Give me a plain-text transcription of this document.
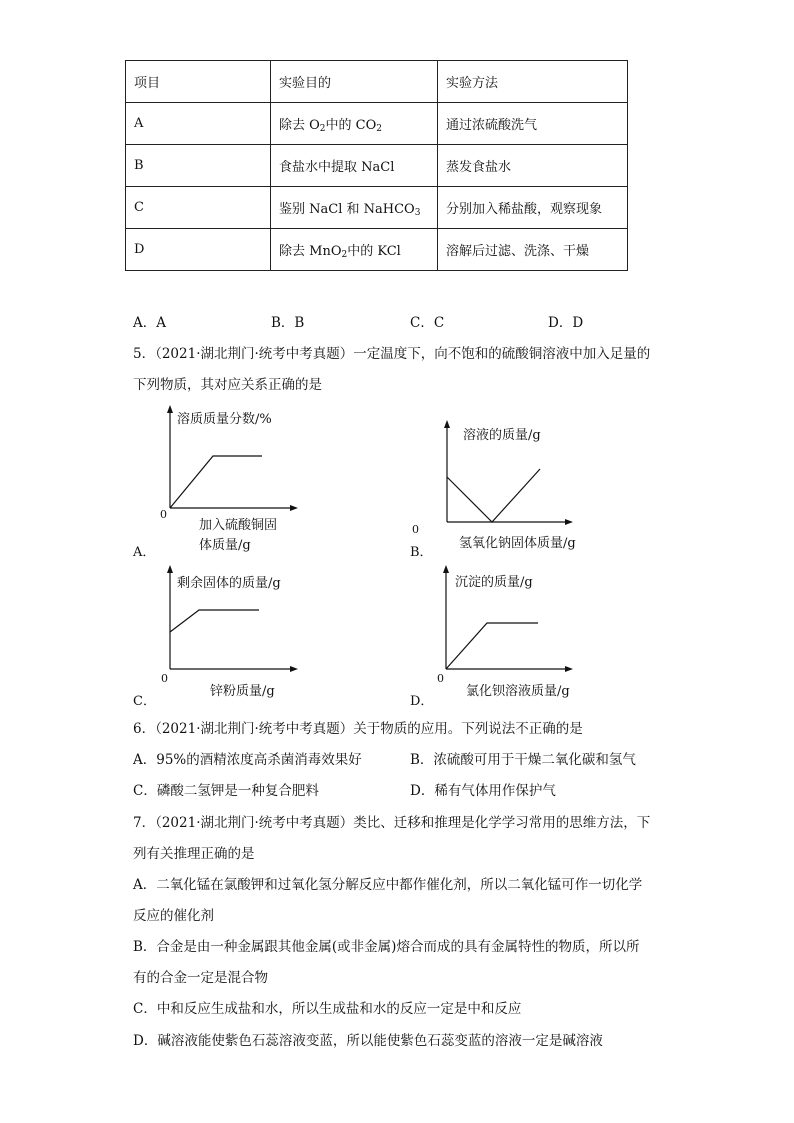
项目	实验目的	实验方法
A	除去 $O_2$中的 $CO_2$	通过浓硫酸洗气
B	食盐水中提取 NaCl	蒸发食盐水
C	鉴别 NaCl 和 NaHCO$_3$	分别加入稀盐酸，观察现象
D	除去 MnO$_2$中的 KCl	溶解后过滤、洗涤、干燥
A．A	B．B	C．C	D．D
5．（2021·湖北荆门·统考中考真题）一定温度下，向不饱和的硫酸铜溶液中加入足量的
下列物质，其对应关系正确的是
溶质质量分数/%
0
加入硫酸铜固
体质量/g
A．
溶液的质量/g
0
氢氧化钠固体质量/g
B．
剩余固体的质量/g
0
锌粉质量/g
C．
沉淀的质量/g
0
氯化钡溶液质量/g
D．
6．（2021·湖北荆门·统考中考真题）关于物质的应用。下列说法不正确的是
A．95%的酒精浓度高杀菌消毒效果好	B．浓硫酸可用于干燥二氧化碳和氢气
C．磷酸二氢钾是一种复合肥料	D．稀有气体用作保护气
7．（2021·湖北荆门·统考中考真题）类比、迁移和推理是化学学习常用的思维方法，下
列有关推理正确的是
A．二氧化锰在氯酸钾和过氧化氢分解反应中都作催化剂，所以二氧化锰可作一切化学
反应的催化剂
B．合金是由一种金属跟其他金属(或非金属)熔合而成的具有金属特性的物质，所以所
有的合金一定是混合物
C．中和反应生成盐和水，所以生成盐和水的反应一定是中和反应
D．碱溶液能使紫色石蕊溶液变蓝，所以能使紫色石蕊变蓝的溶液一定是碱溶液
